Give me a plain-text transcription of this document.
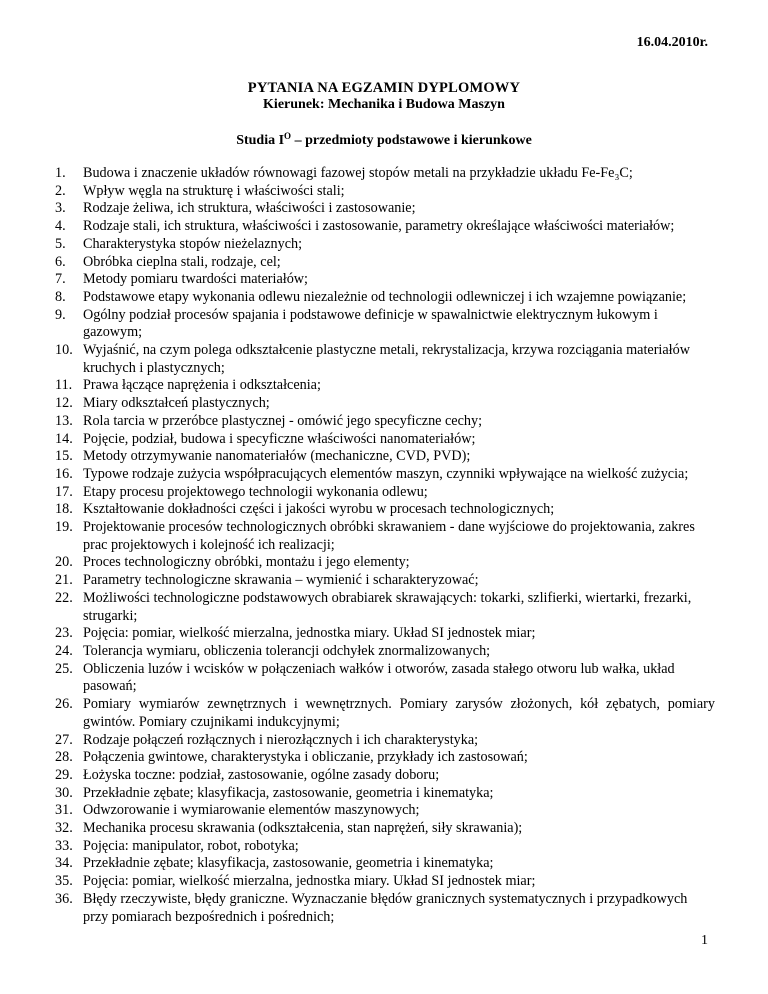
16.04.2010r.
PYTANIA NA EGZAMIN DYPLOMOWY
Kierunek: Mechanika i Budowa Maszyn
Studia $I^O$ – przedmioty podstawowe i kierunkowe
1.	Budowa i znaczenie układów równowagi fazowej stopów metali na przykładzie układu Fe-Fe₃C;
2.	Wpływ węgla na strukturę i właściwości stali;
3.	Rodzaje żeliwa, ich struktura, właściwości i zastosowanie;
4.	Rodzaje stali, ich struktura, właściwości i zastosowanie, parametry określające właściwości materiałów;
5.	Charakterystyka stopów nieżelaznych;
6.	Obróbka cieplna stali, rodzaje, cel;
7.	Metody pomiaru twardości materiałów;
8.	Podstawowe etapy wykonania odlewu niezależnie od technologii odlewniczej i ich wzajemne powiązanie;
9.	Ogólny podział procesów spajania i podstawowe definicje w spawalnictwie elektrycznym łukowym i gazowym;
10. Wyjaśnić, na czym polega odkształcenie plastyczne metali, rekrystalizacja, krzywa rozciągania materiałów kruchych i plastycznych;
11. Prawa łączące naprężenia i odkształcenia;
12. Miary odkształceń plastycznych;
13. Rola tarcia w przeróbce plastycznej - omówić jego specyficzne cechy;
14. Pojęcie, podział, budowa i specyficzne właściwości nanomateriałów;
15. Metody otrzymywanie nanomateriałów (mechaniczne, CVD, PVD);
16. Typowe rodzaje zużycia współpracujących elementów maszyn, czynniki wpływające na wielkość zużycia;
17. Etapy procesu projektowego technologii wykonania odlewu;
18. Kształtowanie dokładności części i jakości wyrobu w procesach technologicznych;
19. Projektowanie procesów technologicznych obróbki skrawaniem - dane wyjściowe do projektowania, zakres prac projektowych i kolejność ich realizacji;
20. Proces technologiczny obróbki, montażu i jego elementy;
21. Parametry technologiczne skrawania – wymienić i scharakteryzować;
22. Możliwości technologiczne podstawowych obrabiarek skrawających: tokarki, szlifierki, wiertarki, frezarki, strugarki;
23. Pojęcia: pomiar, wielkość mierzalna, jednostka miary. Układ SI jednostek miar;
24. Tolerancja wymiaru, obliczenia tolerancji odchyłek znormalizowanych;
25. Obliczenia luzów i wcisków w połączeniach wałków i otworów, zasada stałego otworu lub wałka, układ pasowań;
26. Pomiary wymiarów zewnętrznych i wewnętrznych. Pomiary zarysów złożonych, kół zębatych, pomiary gwintów. Pomiary czujnikami indukcyjnymi;
27. Rodzaje połączeń rozłącznych i nierozłącznych i ich charakterystyka;
28. Połączenia gwintowe, charakterystyka i obliczanie, przykłady ich zastosowań;
29. Łożyska toczne: podział, zastosowanie, ogólne zasady doboru;
30. Przekładnie zębate; klasyfikacja, zastosowanie, geometria i kinematyka;
31. Odwzorowanie i wymiarowanie elementów maszynowych;
32. Mechanika procesu skrawania (odkształcenia, stan naprężeń, siły skrawania);
33. Pojęcia: manipulator, robot, robotyka;
34. Przekładnie zębate; klasyfikacja, zastosowanie, geometria i kinematyka;
35. Pojęcia: pomiar, wielkość mierzalna, jednostka miary. Układ SI jednostek miar;
36. Błędy rzeczywiste, błędy graniczne. Wyznaczanie błędów granicznych systematycznych i przypadkowych przy pomiarach bezpośrednich i pośrednich;
1
